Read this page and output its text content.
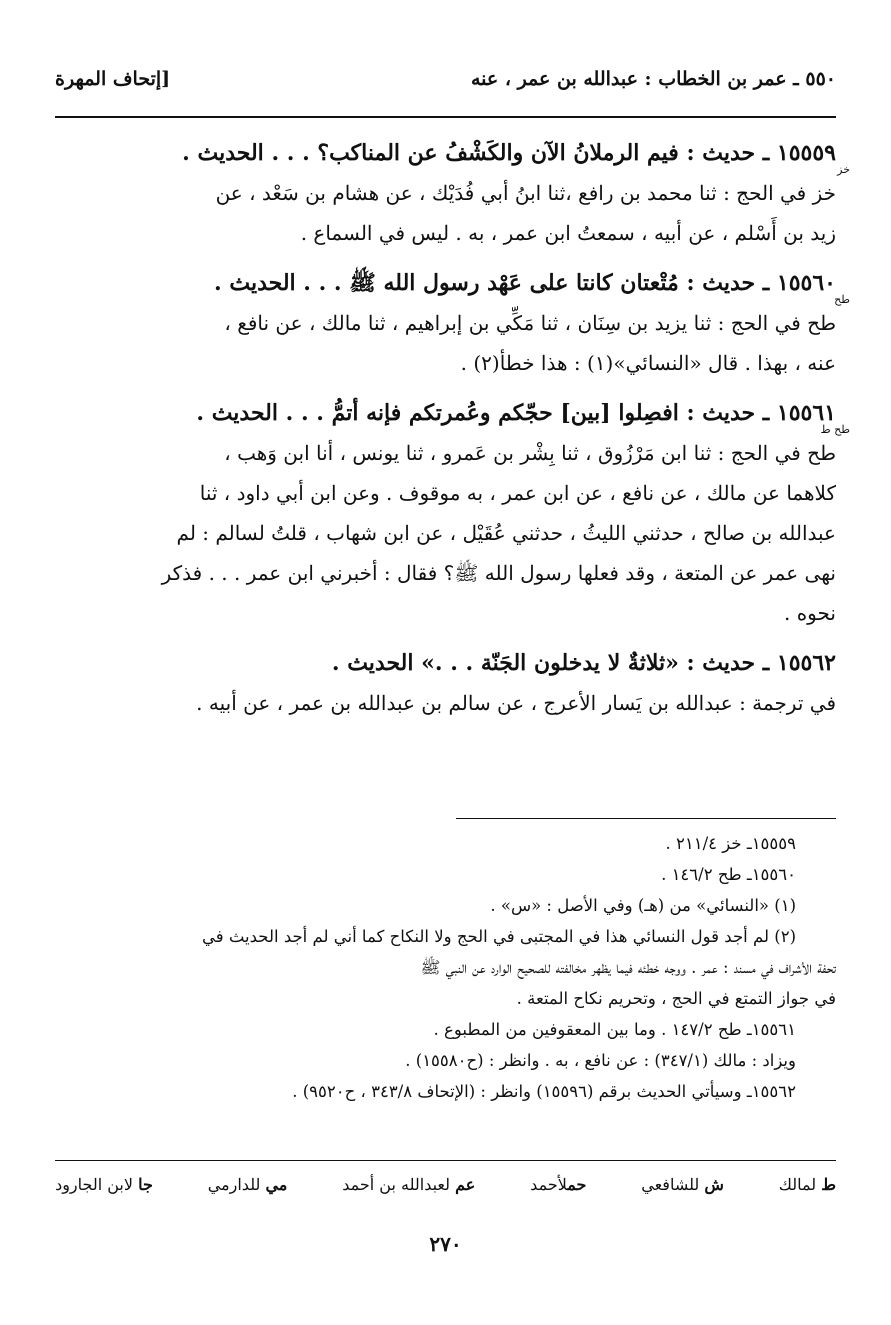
٥٥٠ ـ عمر بن الخطاب : عبدالله بن عمر ، عنه
[إتحاف المهرة
١٥٥٥٩ ـ حديث : فيم الرملانُ الآن والكَشْفُ عن المناكب؟ . . . الحديث .
خز
خز في الحج : ثنا محمد بن رافع ،ثنا ابنُ أبي فُدَيْك ، عن هشام بن سَعْد ، عن
زيد بن أَسْلم ، عن أبيه ، سمعتُ ابن عمر ، به . ليس في السماع .
١٥٥٦٠ ـ حديث : مُتْعتان كانتا على عَهْد رسول الله ﷺ . . . الحديث .
طح
طح في الحج : ثنا يزيد بن سِنَان ، ثنا مَكِّي بن إبراهيم ، ثنا مالك ، عن نافع ،
عنه ، بهذا . قال «النسائي»(١) : هذا خطأ(٢) .
١٥٥٦١ ـ حديث : افصِلوا [بين] حجّكم وعُمرتكم فإنه أتمُّ . . . الحديث .
طح ط
طح في الحج : ثنا ابن مَرْزُوق ، ثنا بِشْر بن عَمرو ، ثنا يونس ، أنا ابن وَهب ،
كلاهما عن مالك ، عن نافع ، عن ابن عمر ، به موقوف . وعن ابن أبي داود ، ثنا
عبدالله بن صالح ، حدثني الليثُ ، حدثني عُقَيْل ، عن ابن شهاب ، قلتُ لسالم : لم
نهى عمر عن المتعة ، وقد فعلها رسول الله ﷺ؟ فقال : أخبرني ابن عمر . . . فذكر
نحوه .
١٥٥٦٢ ـ حديث : «ثلاثةٌ لا يدخلون الجَنّة . . .» الحديث .
في ترجمة : عبدالله بن يَسار الأعرج ، عن سالم بن عبدالله بن عمر ، عن أبيه .
١٥٥٥٩ـ خز ٢١١/٤ .
١٥٥٦٠ـ طح ١٤٦/٢ .
(١) «النسائي» من (هـ) وفي الأصل : «س» .
(٢) لم أجد قول النسائي هذا في المجتبى في الحج ولا النكاح كما أني لم أجد الحديث في
تحفة الأشراف في مسند : عمر . ووجه خطئه فيما يظهر مخالفته للصحيح الوارد عن النبي ﷺ
في جواز التمتع في الحج ، وتحريم نكاح المتعة .
١٥٥٦١ـ طح ١٤٧/٢ . وما بين المعقوفين من المطبوع .
ويزاد : مالك (٣٤٧/١) : عن نافع ، به . وانظر : (ح١٥٥٨٠) .
١٥٥٦٢ـ وسيأتي الحديث برقم (١٥٥٩٦) وانظر : (الإتحاف ٣٤٣/٨ ، ح٩٥٢٠) .
ط لمالك
ش للشافعي
حملأحمد
عم لعبدالله بن أحمد
مي للدارمي
جا لابن الجارود
٢٧٠
